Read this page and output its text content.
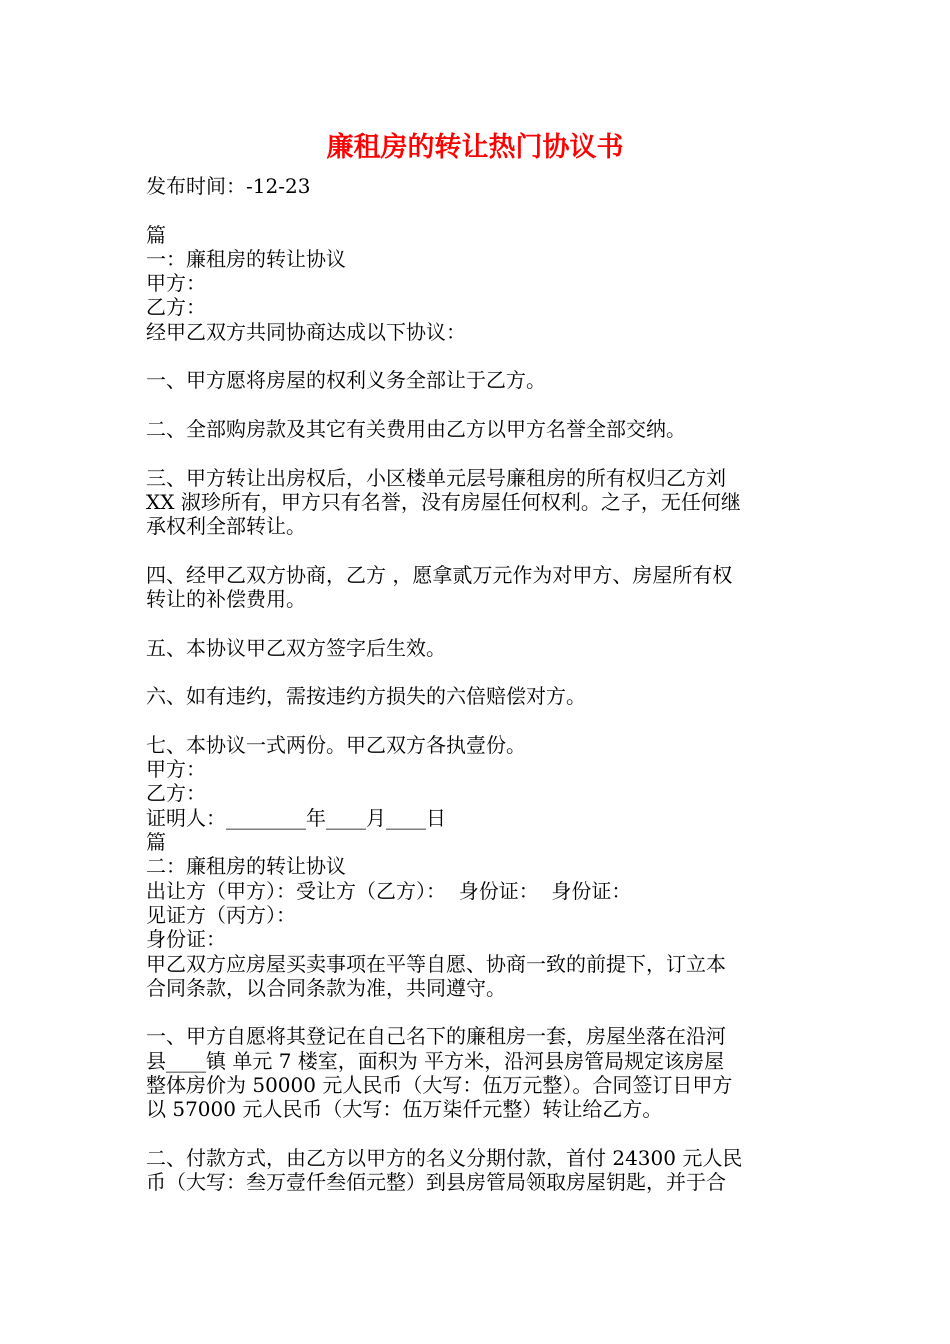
廉租房的转让热门协议书

发布时间：-12-23

篇

一：廉租房的转让协议

甲方：

乙方：

经甲乙双方共同协商达成以下协议：

一、甲方愿将房屋的权利义务全部让于乙方。

二、全部购房款及其它有关费用由乙方以甲方名誉全部交纳。

三、甲方转让出房权后，小区楼单元层号廉租房的所有权归乙方刘

XX 淑珍所有，甲方只有名誉，没有房屋任何权利。之子，无任何继

承权利全部转让。

四、经甲乙双方协商，乙方 ，愿拿贰万元作为对甲方、房屋所有权

转让的补偿费用。

五、本协议甲乙双方签字后生效。

六、如有违约，需按违约方损失的六倍赔偿对方。

七、本协议一式两份。甲乙双方各执壹份。

甲方：

乙方：

证明人：________年____月____日

篇

二：廉租房的转让协议

出让方（甲方）：受让方（乙方）：  身份证：  身份证：

见证方（丙方）：

身份证：

甲乙双方应房屋买卖事项在平等自愿、协商一致的前提下，订立本

合同条款，以合同条款为准，共同遵守。

一、甲方自愿将其登记在自己名下的廉租房一套，房屋坐落在沿河

县____镇 单元 7 楼室，面积为 平方米，沿河县房管局规定该房屋

整体房价为 50000 元人民币（大写：伍万元整）。合同签订日甲方

以 57000 元人民币（大写：伍万柒仟元整）转让给乙方。

二、付款方式，由乙方以甲方的名义分期付款，首付 24300 元人民

币（大写：叁万壹仟叁佰元整）到县房管局领取房屋钥匙，并于合
